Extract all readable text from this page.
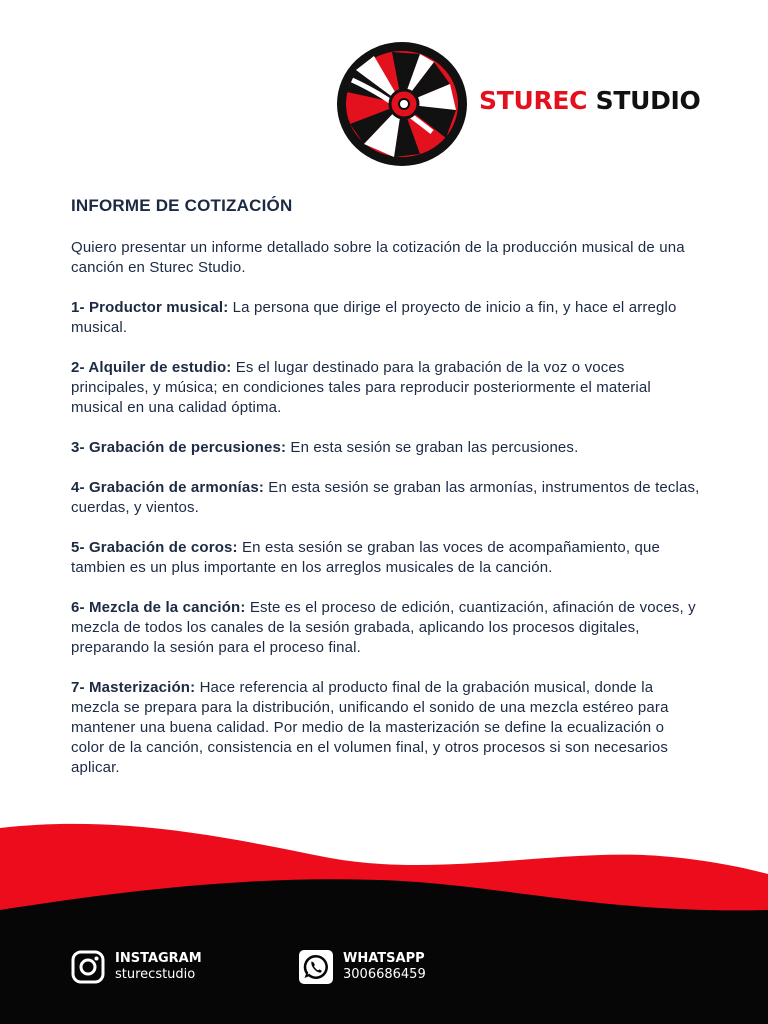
STUREC STUDIO
INFORME DE COTIZACIÓN

Quiero presentar un informe detallado sobre la cotización de la producción musical de una canción en Sturec Studio.

1- Productor musical: La persona que dirige el proyecto de inicio a fin, y hace el arreglo musical.

2- Alquiler de estudio: Es el lugar destinado para la grabación de la voz o voces principales, y música; en condiciones tales para reproducir posteriormente el material musical en una calidad óptima.

3- Grabación de percusiones: En esta sesión se graban las percusiones.

4- Grabación de armonías: En esta sesión se graban las armonías, instrumentos de teclas, cuerdas, y vientos.

5- Grabación de coros: En esta sesión se graban las voces de acompañamiento, que tambien es un plus importante en los arreglos musicales de la canción.

6- Mezcla de la canción: Este es el proceso de edición, cuantización, afinación de voces, y mezcla de todos los canales de la sesión grabada, aplicando los procesos digitales, preparando la sesión para el proceso final.

7- Masterización: Hace referencia al producto final de la grabación musical, donde la mezcla se prepara para la distribución, unificando el sonido de una mezcla estéreo para mantener una buena calidad. Por medio de la masterización se define la ecualización o color de la canción, consistencia en el volumen final, y otros procesos si son necesarios aplicar.

INSTAGRAM
sturecstudio
WHATSAPP
3006686459
